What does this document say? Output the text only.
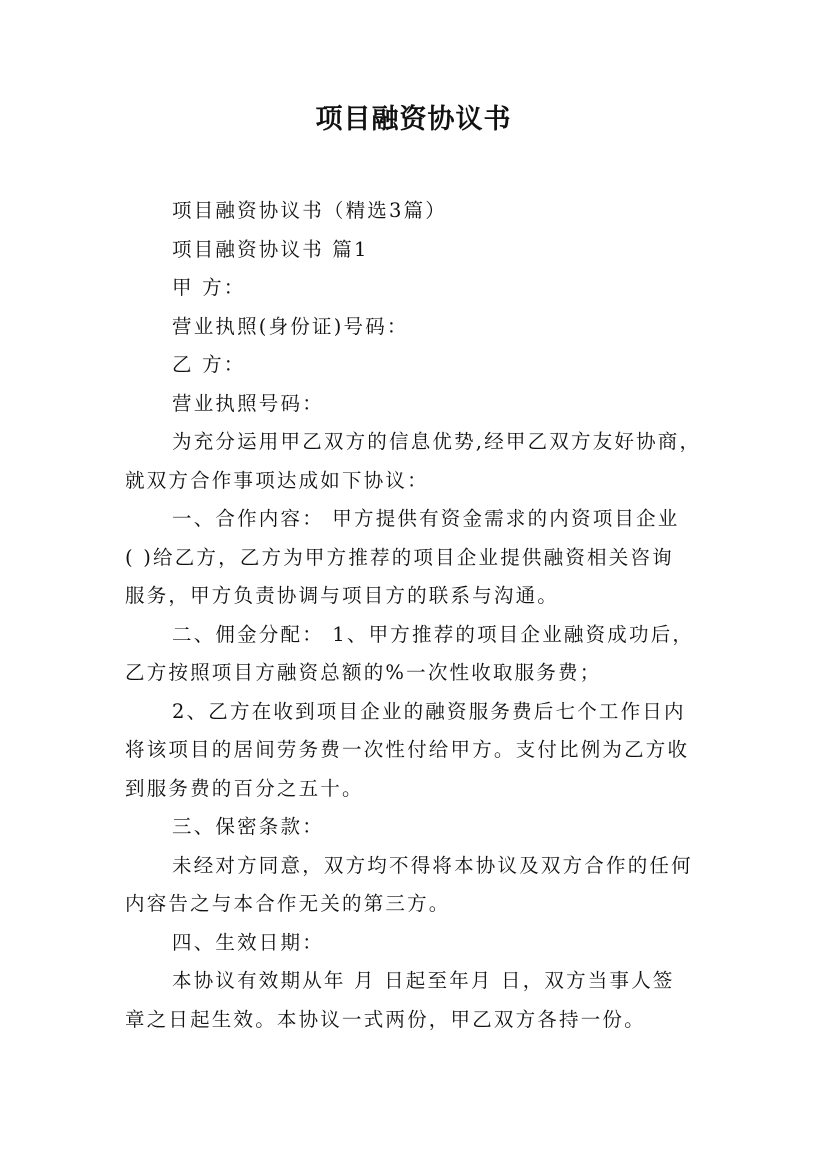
项目融资协议书

项目融资协议书（精选3篇）

项目融资协议书 篇1

甲 方：

营业执照(身份证)号码：

乙 方：

营业执照号码：

为充分运用甲乙双方的信息优势,经甲乙双方友好协商，
就双方合作事项达成如下协议：

一、合作内容： 甲方提供有资金需求的内资项目企业
( )给乙方，乙方为甲方推荐的项目企业提供融资相关咨询
服务，甲方负责协调与项目方的联系与沟通。

二、佣金分配： 1、甲方推荐的项目企业融资成功后，
乙方按照项目方融资总额的%一次性收取服务费；

2、乙方在收到项目企业的融资服务费后七个工作日内
将该项目的居间劳务费一次性付给甲方。支付比例为乙方收
到服务费的百分之五十。

三、保密条款：

未经对方同意，双方均不得将本协议及双方合作的任何
内容告之与本合作无关的第三方。

四、生效日期：

本协议有效期从年 月 日起至年月 日，双方当事人签
章之日起生效。本协议一式两份，甲乙双方各持一份。
